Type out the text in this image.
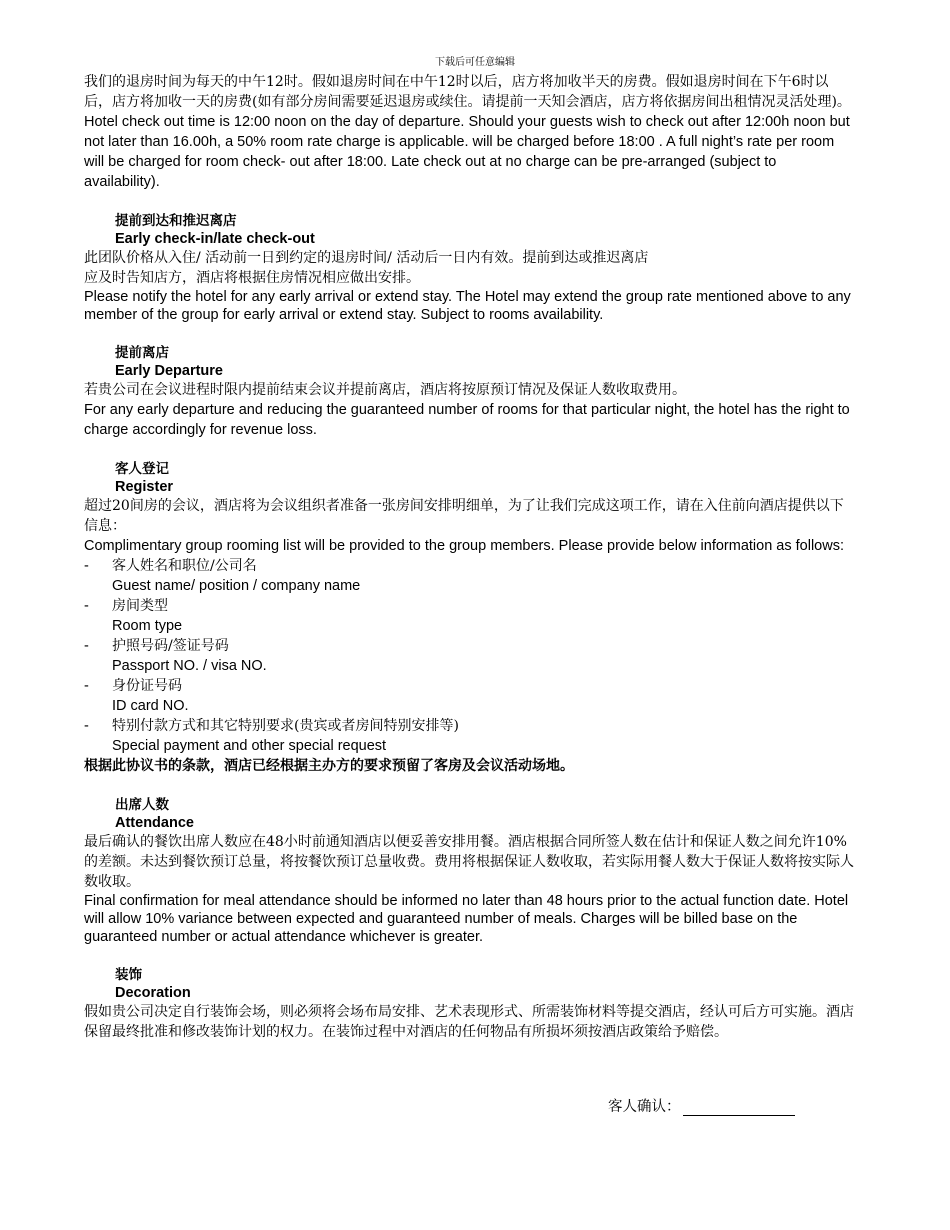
下载后可任意编辑

我们的退房时间为每天的中午12时。假如退房时间在中午12时以后，店方将加收半天的房费。假如退房时间在下午6时以后，店方将加收一天的房费(如有部分房间需要延迟退房或续住。请提前一天知会酒店，店方将依据房间出租情况灵活处理)。

Hotel check out time is 12:00 noon on the day of departure. Should your guests wish to check out after 12:00h noon but not later than 16.00h, a 50% room rate charge is applicable. will be charged before 18:00 . A full night’s rate per room will be charged for room check- out after 18:00. Late check out at no charge can be pre-arranged (subject to availability).

提前到达和推迟离店

Early check-in/late check-out

此团队价格从入住/ 活动前一日到约定的退房时间/ 活动后一日内有效。提前到达或推迟离店

应及时告知店方，酒店将根据住房情况相应做出安排。

Please notify the hotel for any early arrival or extend stay. The Hotel may extend the group rate mentioned above to any member of the group for early arrival or extend stay. Subject to rooms availability.

提前离店

Early Departure

若贵公司在会议进程时限内提前结束会议并提前离店，酒店将按原预订情况及保证人数收取费用。

For any early departure and reducing the guaranteed number of rooms for that particular night, the hotel has the right to charge accordingly for revenue loss.

客人登记

Register

超过20间房的会议，酒店将为会议组织者准备一张房间安排明细单，为了让我们完成这项工作，请在入住前向酒店提供以下信息：

Complimentary group rooming list will be provided to the group members. Please provide below information as follows:

- 客人姓名和职位/公司名
Guest name/ position / company name
- 房间类型
Room type
- 护照号码/签证号码
Passport NO. / visa NO.
- 身份证号码
ID card NO.
- 特别付款方式和其它特别要求(贵宾或者房间特别安排等)
Special payment and other special request

根据此协议书的条款，酒店已经根据主办方的要求预留了客房及会议活动场地。

出席人数

Attendance

最后确认的餐饮出席人数应在48小时前通知酒店以便妥善安排用餐。酒店根据合同所签人数在估计和保证人数之间允许10%的差额。未达到餐饮预订总量，将按餐饮预订总量收费。费用将根据保证人数收取，若实际用餐人数大于保证人数将按实际人数收取。

Final confirmation for meal attendance should be informed no later than 48 hours prior to the actual function date. Hotel will allow 10% variance between expected and guaranteed number of meals. Charges will be billed base on the guaranteed number or actual attendance whichever is greater.

装饰

Decoration

假如贵公司决定自行装饰会场，则必须将会场布局安排、艺术表现形式、所需装饰材料等提交酒店，经认可后方可实施。酒店保留最终批准和修改装饰计划的权力。在装饰过程中对酒店的任何物品有所损坏须按酒店政策给予赔偿。

客人确认：
